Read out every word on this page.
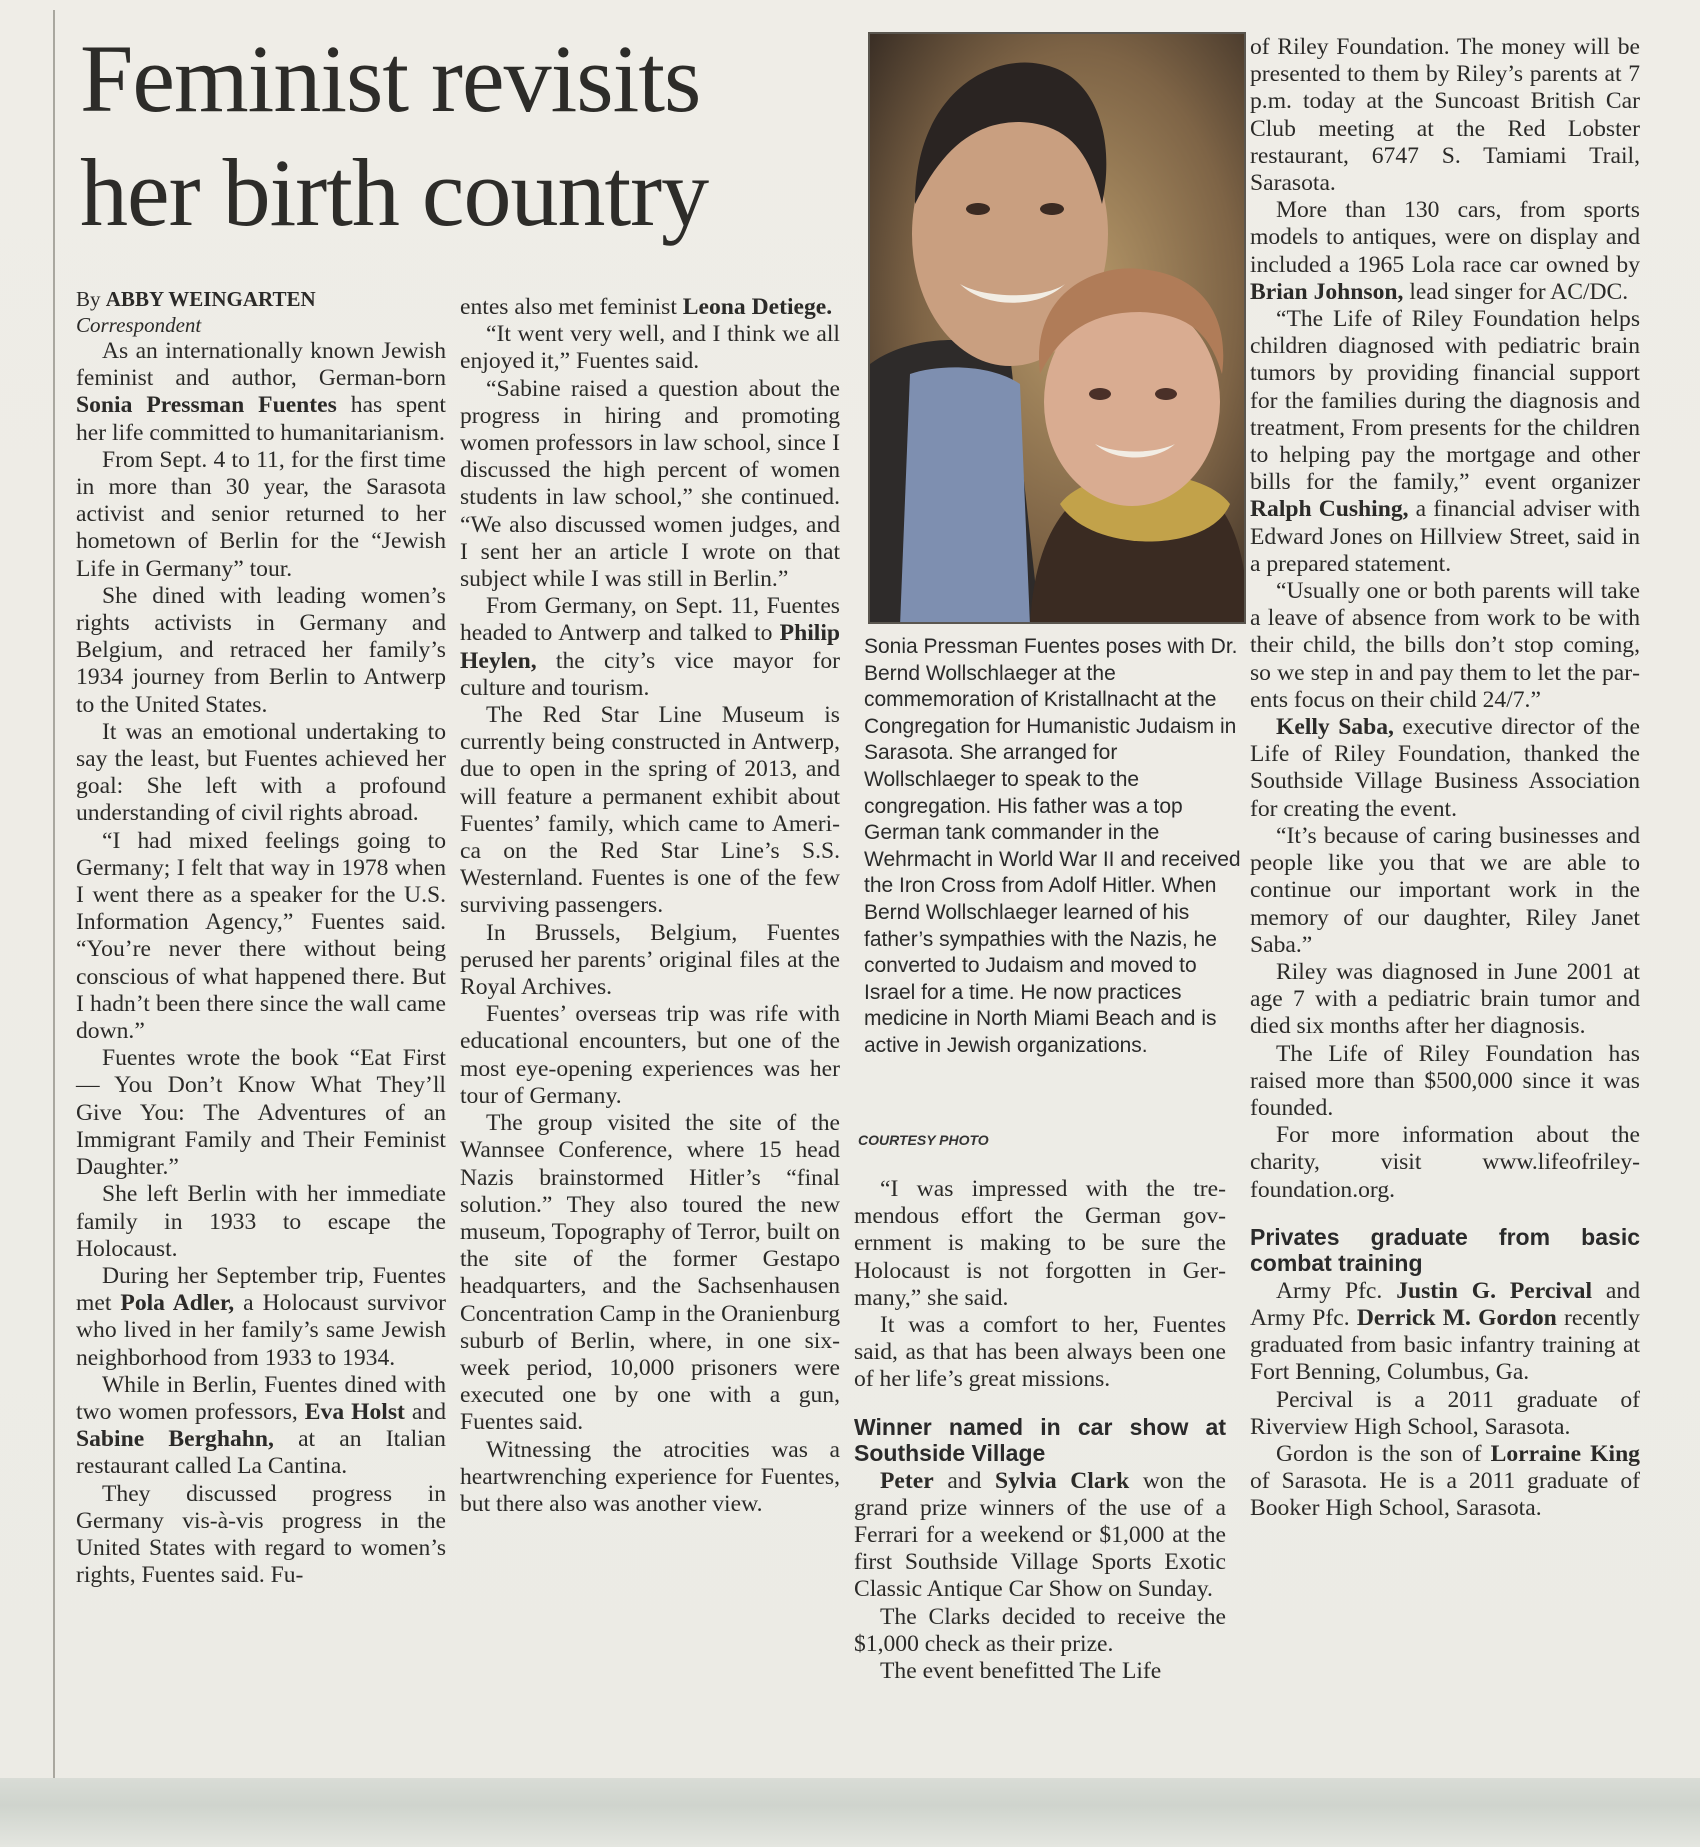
Feminist revisits her birth country

By ABBY WEINGARTEN

Correspondent

As an internationally known Jewish feminist and author, German-born Sonia Pressman Fuentes has spent her life committed to humanitarianism.

From Sept. 4 to 11, for the first time in more than 30 year, the Sarasota activist and senior returned to her hometown of Berlin for the “Jewish Life in Germany” tour.

She dined with leading women’s rights activists in Germany and Belgium, and retraced her family’s 1934 journey from Berlin to Antwerp to the United States.

It was an emotional undertaking to say the least, but Fuentes achieved her goal: She left with a profound understanding of civil rights abroad.

“I had mixed feelings going to Germany; I felt that way in 1978 when I went there as a speaker for the U.S. Information Agency,” Fuentes said. “You’re never there without being conscious of what happened there. But I hadn’t been there since the wall came down.”

Fuentes wrote the book “Eat First — You Don’t Know What They’ll Give You: The Adventures of an Immigrant Family and Their Feminist Daughter.”

She left Berlin with her immediate family in 1933 to escape the Holocaust.

During her September trip, Fuentes met Pola Adler, a Holocaust survivor who lived in her family’s same Jewish neighborhood from 1933 to 1934.

While in Berlin, Fuentes dined with two women professors, Eva Holst and Sabine Berghahn, at an Italian restaurant called La Cantina.

They discussed progress in Germany vis-à-vis progress in the United States with regard to women’s rights, Fuentes said. Fu-

entes also met feminist Leona Detiege.

“It went very well, and I think we all enjoyed it,” Fuentes said.

“Sabine raised a question about the progress in hiring and promoting women professors in law school, since I discussed the high percent of women students in law school,” she continued. “We also discussed women judges, and I sent her an article I wrote on that subject while I was still in Berlin.”

From Germany, on Sept. 11, Fuentes headed to Antwerp and talked to Philip Heylen, the city’s vice mayor for culture and tourism.

The Red Star Line Museum is currently being constructed in Antwerp, due to open in the spring of 2013, and will feature a permanent exhibit about Fuentes’ family, which came to America on the Red Star Line’s S.S. Westernland. Fuentes is one of the few surviving passengers.

In Brussels, Belgium, Fuentes perused her parents’ original files at the Royal Archives.

Fuentes’ overseas trip was rife with educational encounters, but one of the most eye-opening experiences was her tour of Germany.

The group visited the site of the Wannsee Conference, where 15 head Nazis brainstormed Hitler’s “final solution.” They also toured the new museum, Topography of Terror, built on the site of the former Gestapo headquarters, and the Sachsenhausen Concentration Camp in the Oranienburg suburb of Berlin, where, in one six-week period, 10,000 prisoners were executed one by one with a gun, Fuentes said.

Witnessing the atrocities was a heartwrenching experience for Fuentes, but there also was another view.

Sonia Pressman Fuentes poses with Dr. Bernd Wollschlaeger at the commemoration of Kristallnacht at the Congregation for Humanistic Judaism in Sarasota. She arranged for Wollschlaeger to speak to the congregation. His father was a top German tank commander in the Wehrmacht in World War II and received the Iron Cross from Adolf Hitler. When Bernd Wollschlaeger learned of his father’s sympathies with the Nazis, he converted to Judaism and moved to Israel for a time. He now practices medicine in North Miami Beach and is active in Jewish organizations.
COURTESY PHOTO

“I was impressed with the tremendous effort the German government is making to be sure the Holocaust is not forgotten in Germany,” she said.

It was a comfort to her, Fuentes said, as that has been always been one of her life’s great missions.

Winner named in car show at Southside Village

Peter and Sylvia Clark won the grand prize winners of the use of a Ferrari for a weekend or $1,000 at the first Southside Village Sports Exotic Classic Antique Car Show on Sunday.

The Clarks decided to receive the $1,000 check as their prize.

The event benefitted The Life

of Riley Foundation. The money will be presented to them by Riley’s parents at 7 p.m. today at the Suncoast British Car Club meeting at the Red Lobster restaurant, 6747 S. Tamiami Trail, Sarasota.

More than 130 cars, from sports models to antiques, were on display and included a 1965 Lola race car owned by Brian Johnson, lead singer for AC/DC.

“The Life of Riley Foundation helps children diagnosed with pediatric brain tumors by providing financial support for the families during the diagnosis and treatment, From presents for the children to helping pay the mortgage and other bills for the family,” event organizer Ralph Cushing, a financial adviser with Edward Jones on Hillview Street, said in a prepared statement.

“Usually one or both parents will take a leave of absence from work to be with their child, the bills don’t stop coming, so we step in and pay them to let the parents focus on their child 24/7.”

Kelly Saba, executive director of the Life of Riley Foundation, thanked the Southside Village Business Association for creating the event.

“It’s because of caring businesses and people like you that we are able to continue our important work in the memory of our daughter, Riley Janet Saba.”

Riley was diagnosed in June 2001 at age 7 with a pediatric brain tumor and died six months after her diagnosis.

The Life of Riley Foundation has raised more than $500,000 since it was founded.

For more information about the charity, visit www.lifeofrileyfoundation.org.

Privates graduate from basic combat training

Army Pfc. Justin G. Percival and Army Pfc. Derrick M. Gordon recently graduated from basic infantry training at Fort Benning, Columbus, Ga.

Percival is a 2011 graduate of Riverview High School, Sarasota.

Gordon is the son of Lorraine King of Sarasota. He is a 2011 graduate of Booker High School, Sarasota.
